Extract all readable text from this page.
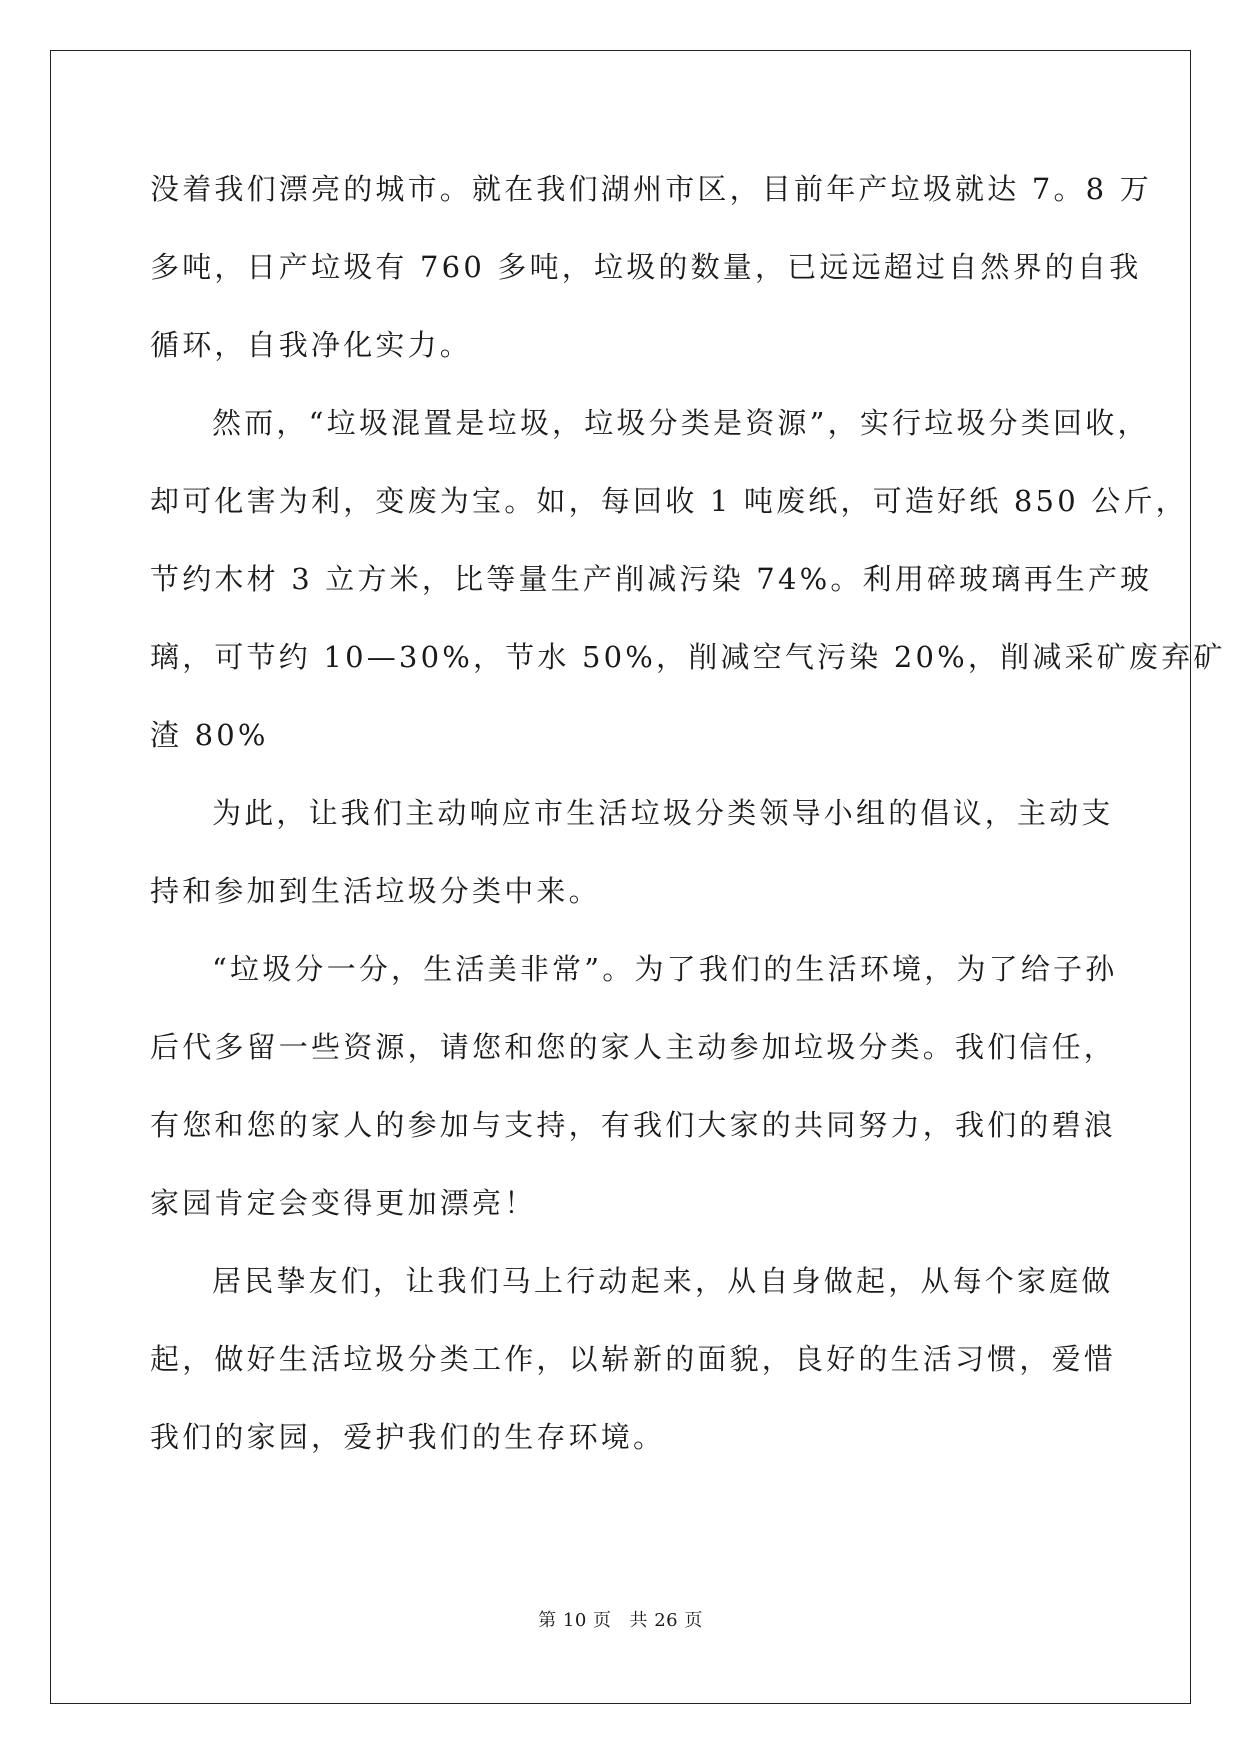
没着我们漂亮的城市。就在我们湖州市区，目前年产垃圾就达 7。8 万
多吨，日产垃圾有 760 多吨，垃圾的数量，已远远超过自然界的自我
循环，自我净化实力。

然而，“垃圾混置是垃圾，垃圾分类是资源”，实行垃圾分类回收，
却可化害为利，变废为宝。如，每回收 1 吨废纸，可造好纸 850 公斤，
节约木材 3 立方米，比等量生产削减污染 74%。利用碎玻璃再生产玻
璃，可节约 10—30%，节水 50%，削减空气污染 20%，削减采矿废弃矿
渣 80%

为此，让我们主动响应市生活垃圾分类领导小组的倡议，主动支
持和参加到生活垃圾分类中来。

“垃圾分一分，生活美非常”。为了我们的生活环境，为了给子孙
后代多留一些资源，请您和您的家人主动参加垃圾分类。我们信任，
有您和您的家人的参加与支持，有我们大家的共同努力，我们的碧浪
家园肯定会变得更加漂亮！

居民挚友们，让我们马上行动起来，从自身做起，从每个家庭做
起，做好生活垃圾分类工作，以崭新的面貌，良好的生活习惯，爱惜
我们的家园，爱护我们的生存环境。

第 10 页 共 26 页
